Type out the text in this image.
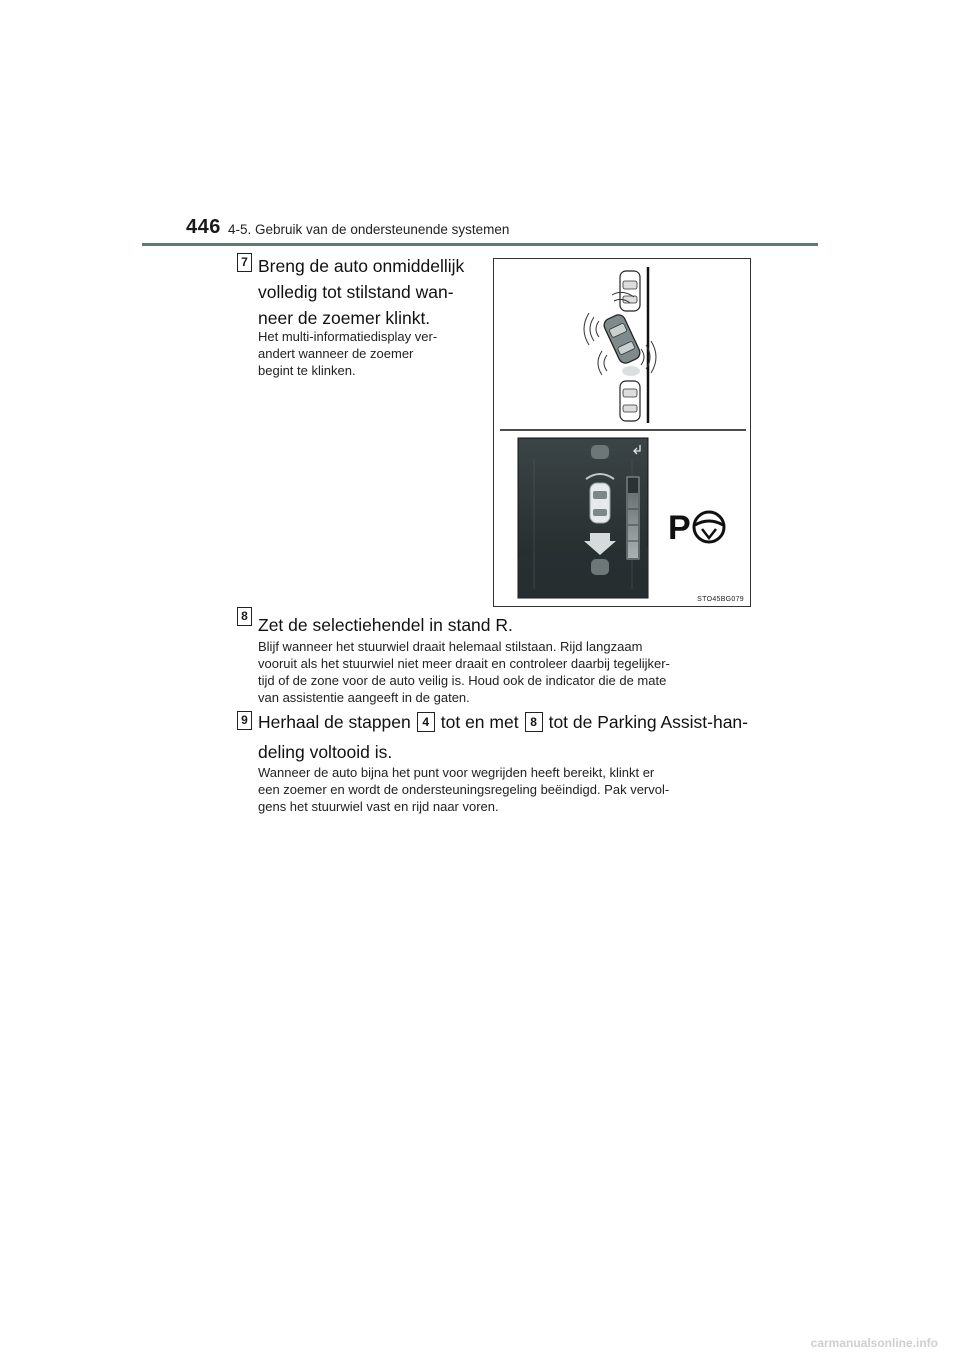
446 4-5. Gebruik van de ondersteunende systemen
7 Breng de auto onmiddellijk
volledig tot stilstand wan-
neer de zoemer klinkt.
Het multi-informatiedisplay ver-
andert wanneer de zoemer
begint te klinken.
P
STO45BG079
8 Zet de selectiehendel in stand R.
Blijf wanneer het stuurwiel draait helemaal stilstaan. Rijd langzaam
vooruit als het stuurwiel niet meer draait en controleer daarbij tegelijker-
tijd of de zone voor de auto veilig is. Houd ook de indicator die de mate
van assistentie aangeeft in de gaten.
9 Herhaal de stappen 4 tot en met 8 tot de Parking Assist-han-
deling voltooid is.
Wanneer de auto bijna het punt voor wegrijden heeft bereikt, klinkt er
een zoemer en wordt de ondersteuningsregeling beëindigd. Pak vervol-
gens het stuurwiel vast en rijd naar voren.
carmanualsonline.info
